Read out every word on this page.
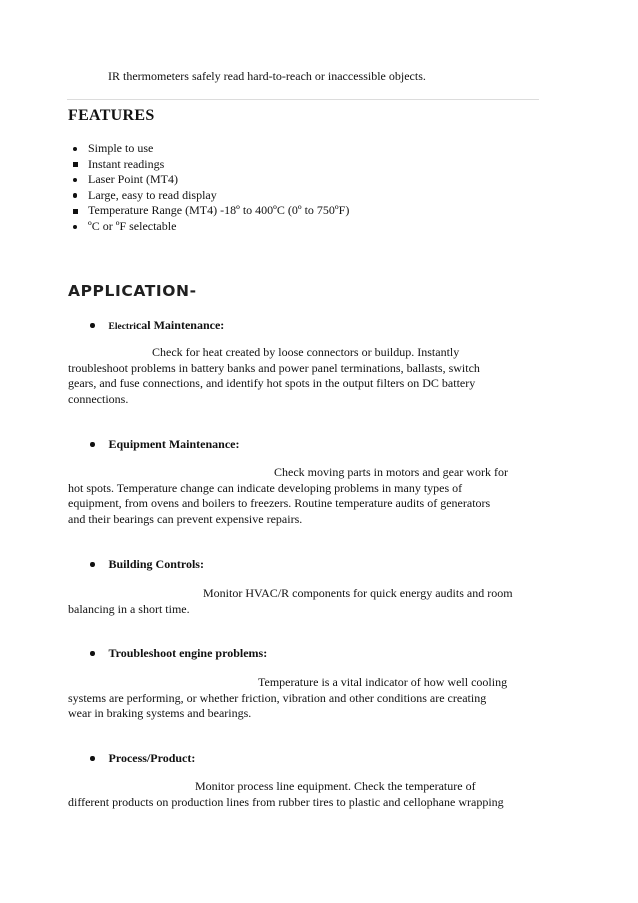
IR thermometers safely read hard-to-reach or inaccessible objects.
FEATURES
Simple to use
Instant readings
Laser Point (MT4)
Large, easy to read display
Temperature Range (MT4) -18º to 400ºC (0º to 750ºF)
ºC or ºF selectable
APPLICATION-
Electrical Maintenance:
Check for heat created by loose connectors or buildup. Instantly
troubleshoot problems in battery banks and power panel terminations, ballasts, switch
gears, and fuse connections, and identify hot spots in the output filters on DC battery
connections.
Equipment Maintenance:
Check moving parts in motors and gear work for
hot spots. Temperature change can indicate developing problems in many types of
equipment, from ovens and boilers to freezers. Routine temperature audits of generators
and their bearings can prevent expensive repairs.
Building Controls:
Monitor HVAC/R components for quick energy audits and room
balancing in a short time.
Troubleshoot engine problems:
Temperature is a vital indicator of how well cooling
systems are performing, or whether friction, vibration and other conditions are creating
wear in braking systems and bearings.
Process/Product:
Monitor process line equipment. Check the temperature of
different products on production lines from rubber tires to plastic and cellophane wrapping
